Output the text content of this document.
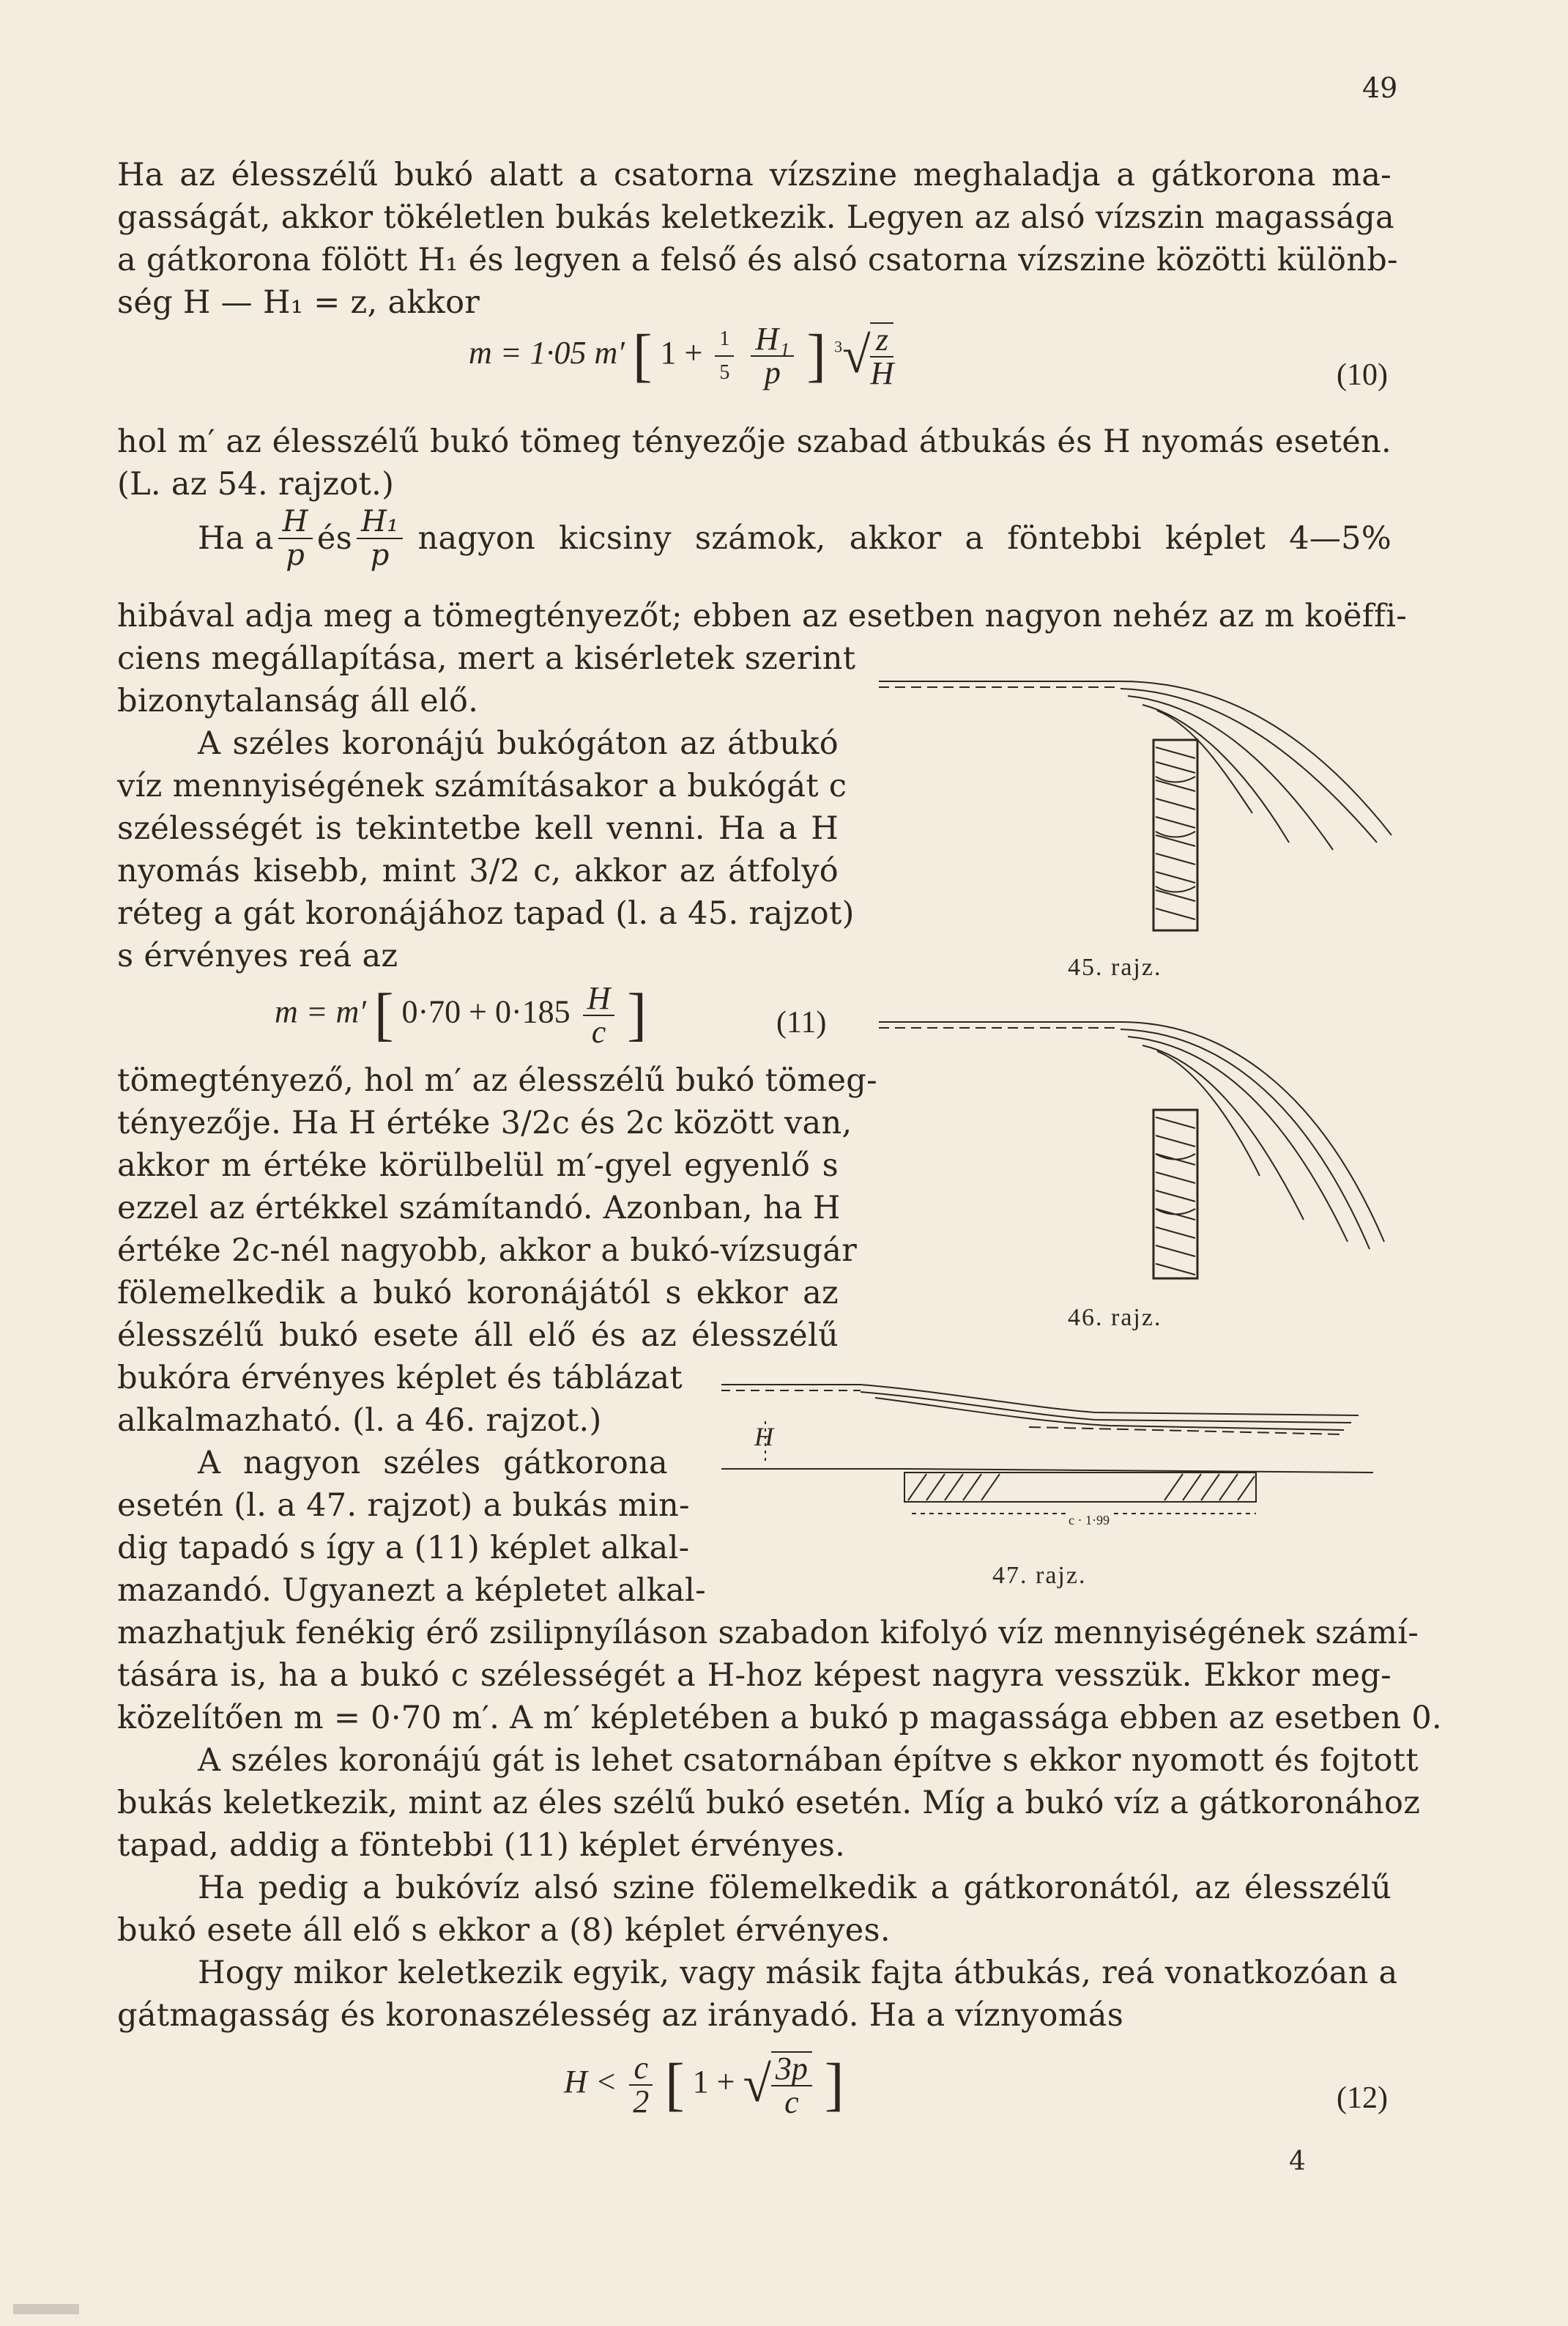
49
Ha az élesszélű bukó alatt a csatorna vízszine meghaladja a gátkorona ma-
gasságát, akkor tökéletlen bukás keletkezik. Legyen az alsó vízszin magassága
a gátkorona fölött H₁ és legyen a felső és alsó csatorna vízszine közötti különb-
ség H — H₁ = z, akkor
m = 1·05 m′ [ $1 + \frac{1}{5}$
$\frac{\text{H₁}}{p}$ ] $^3√ \frac{z}{H}$	(10)
hol m′ az élesszélű bukó tömeg tényezője szabad átbukás és H nyomás esetén.
(L. az 54. rajzot.)
Ha a $\frac{H}{p}$ és $\frac{\text{H₁}}{p}$ nagyon kicsiny számok, akkor a föntebbi képlet 4—5%
hibával adja meg a tömegtényezőt; ebben az esetben nagyon nehéz az m koëffi-
ciens megállapítása, mert a kisérletek szerint
bizonytalanság áll elő.
A széles koronájú bukógáton az átbukó
víz mennyiségének számításakor a bukógát c
szélességét is tekintetbe kell venni. Ha a H
nyomás kisebb, mint 3/2 c, akkor az átfolyó
réteg a gát koronájához tapad (l. a 45. rajzot)
s érvényes reá az
m = m′ [ $0\cdot 70 + 0\cdot 185 \frac{H}{c}$ ]	(11)
tömegtényező, hol m′ az élesszélű bukó tömeg-
tényezője. Ha H értéke 3/2c és 2c között van,
akkor m értéke körülbelül m′-gyel egyenlő s
ezzel az értékkel számítandó. Azonban, ha H
értéke 2c-nél nagyobb, akkor a bukó-vízsugár
fölemelkedik a bukó koronájától s ekkor az
élesszélű bukó esete áll elő és az élesszélű
bukóra érvényes képlet és táblázat
alkalmazható. (l. a 46. rajzot.)
A nagyon széles gátkorona
esetén (l. a 47. rajzot) a bukás min-
dig tapadó s így a (11) képlet alkal-
mazandó. Ugyanezt a képletet alkal-
mazhatjuk fenékig érő zsilipnyíláson szabadon kifolyó víz mennyiségének számí-
tására is, ha a bukó c szélességét a H-hoz képest nagyra vesszük. Ekkor meg-
közelítően m = 0·70 m′. A m′ képletében a bukó p magassága ebben az esetben 0.
A széles koronájú gát is lehet csatornában építve s ekkor nyomott és fojtott
bukás keletkezik, mint az éles szélű bukó esetén. Míg a bukó víz a gátkoronához
tapad, addig a föntebbi (11) képlet érvényes.
Ha pedig a bukóvíz alsó szine fölemelkedik a gátkoronától, az élesszélű
bukó esete áll elő s ekkor a (8) képlet érvényes.
Hogy mikor keletkezik egyik, vagy másik fajta átbukás, reá vonatkozóan a
gátmagasság és koronaszélesség az irányadó. Ha a víznyomás
$H < \frac{c}{2}$ [ 1 + √ $\frac{3p}{c}$ ]	(12)
4
45. rajz.
46. rajz.
H
c · 1·99
47. rajz.
